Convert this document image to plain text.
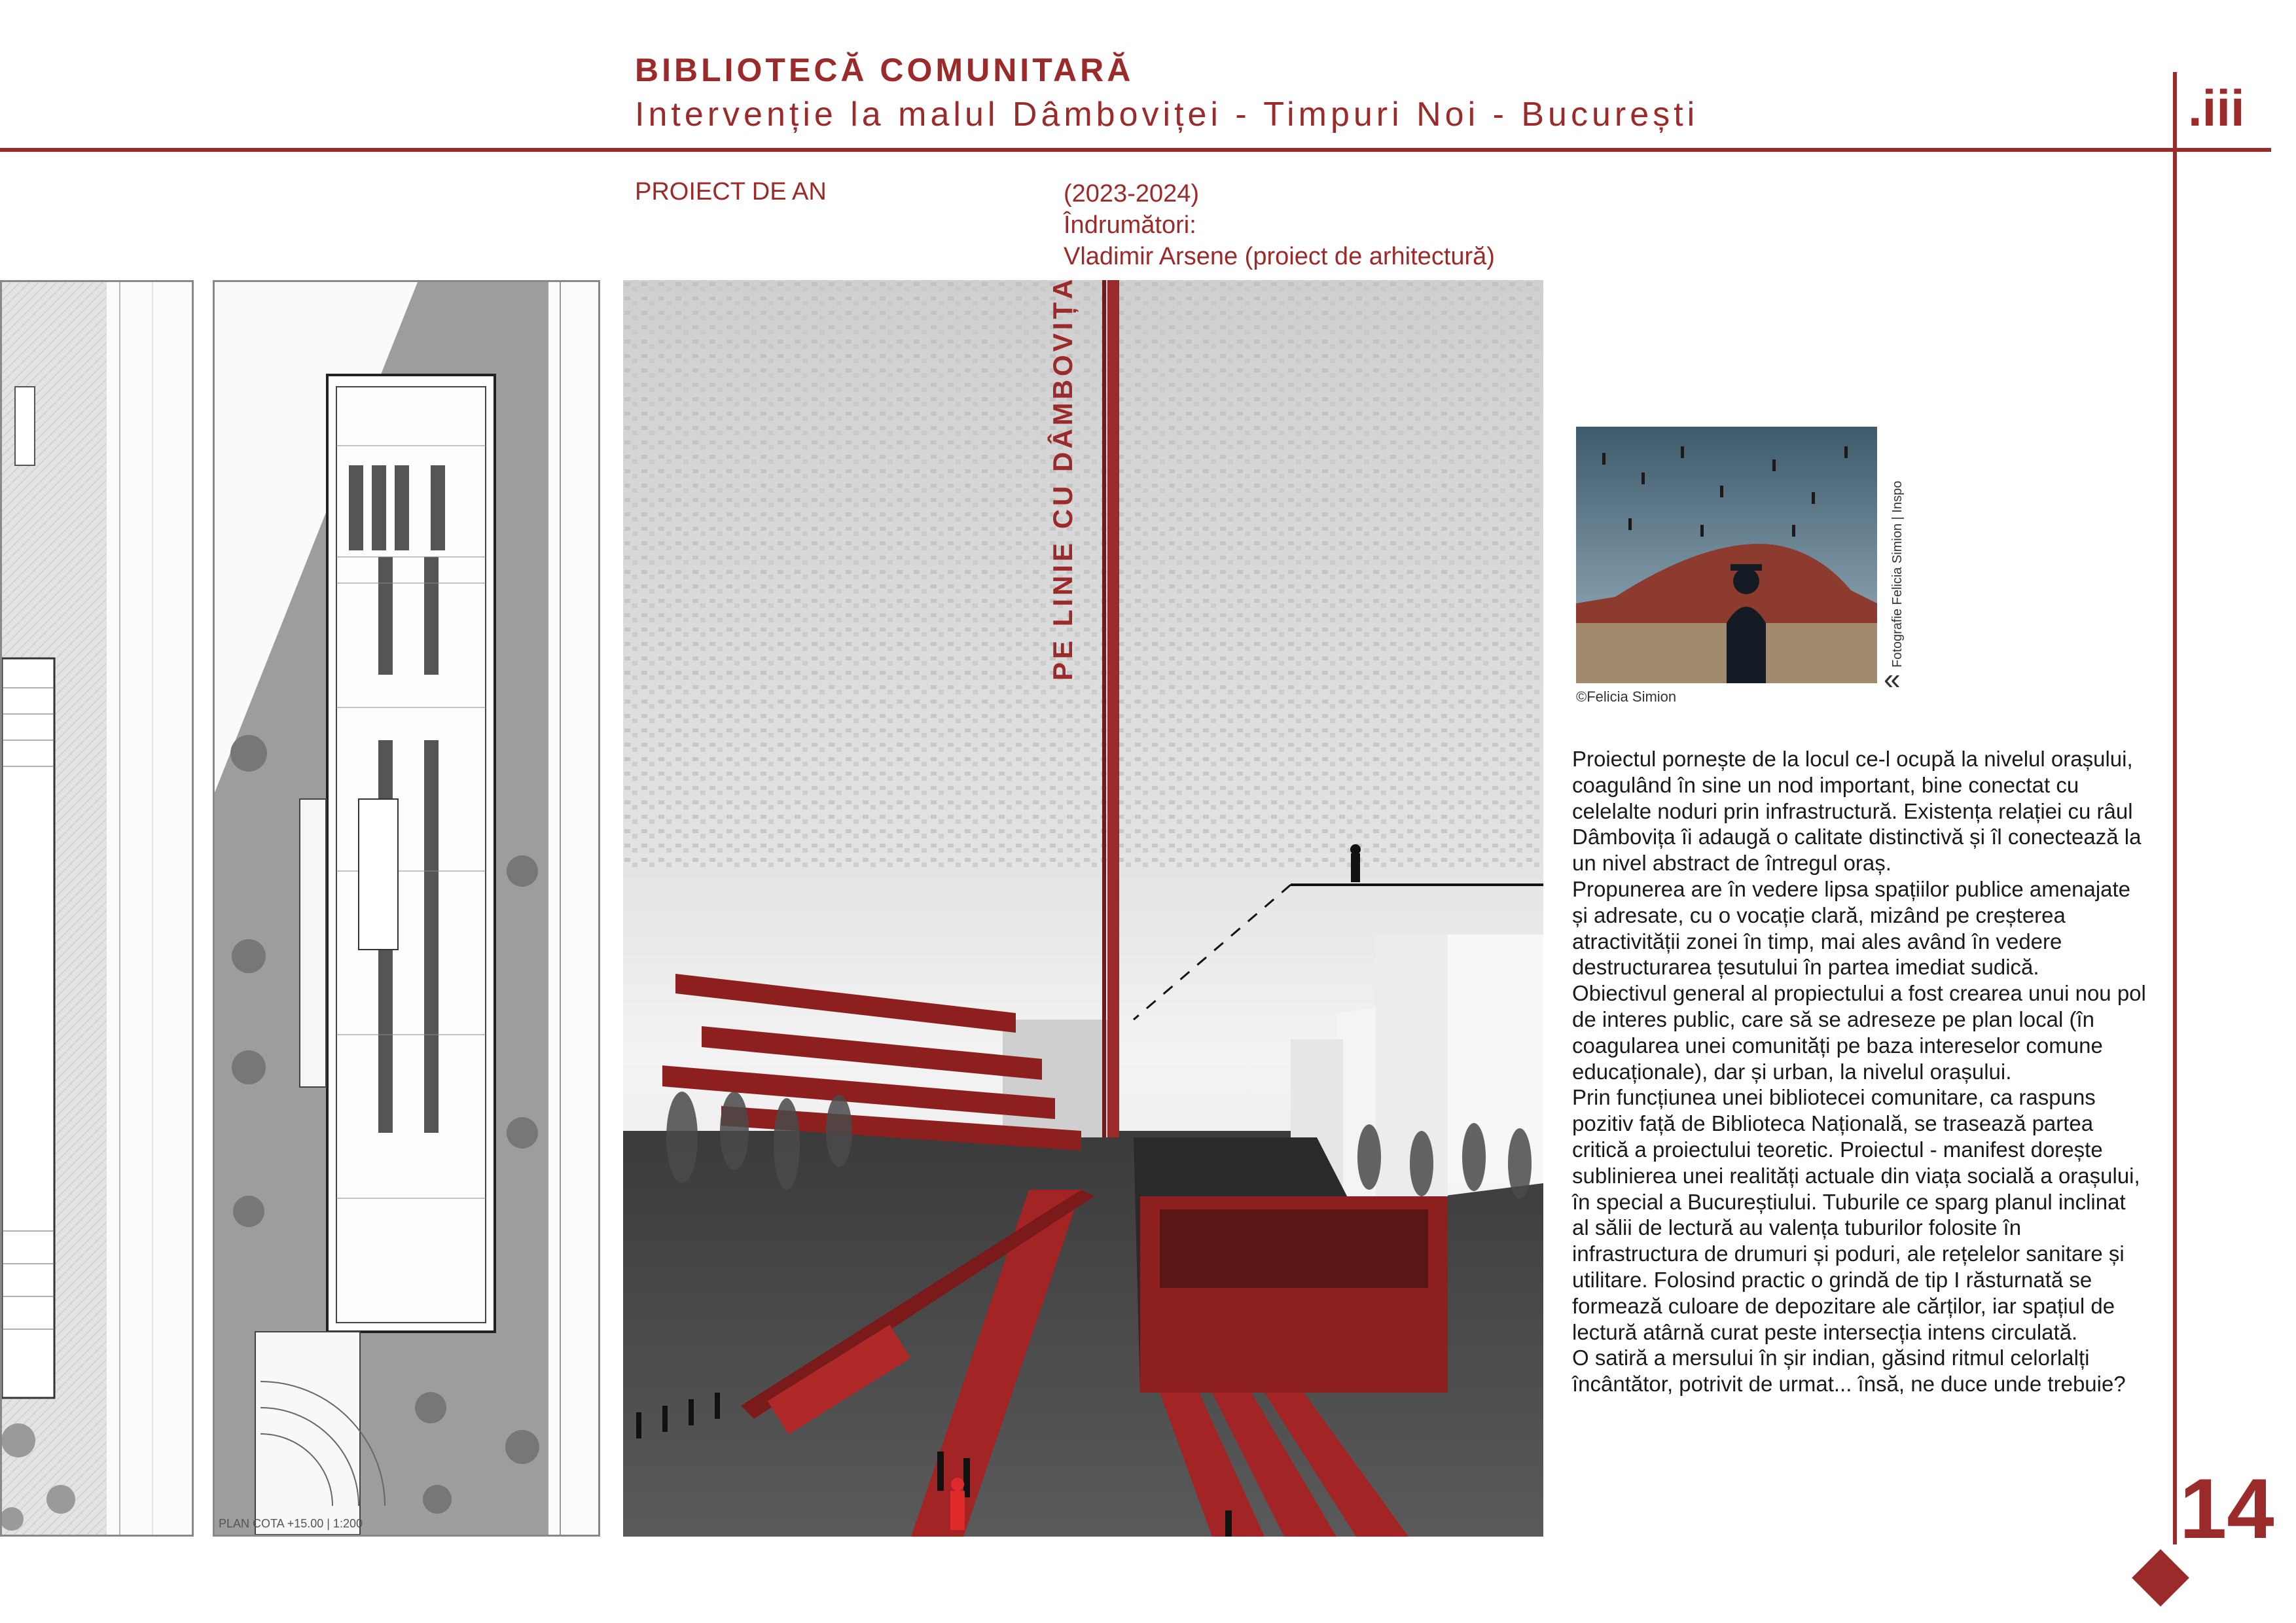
BIBLIOTECĂ COMUNITARĂ
Intervenție la malul Dâmboviței - Timpuri Noi - București	.iii
PROIECT DE AN	(2023-2024)
Îndrumători:
Vladimir Arsene (proiect de arhitectură)
PLAN COTA +15.00 | 1:200
PE LINIE CU DÂMBOVIȚA
©Felicia Simion
Fotografie Felicia Simion | Inspo
«

Proiectul pornește de la locul ce-l ocupă la nivelul orașului, coagulând în sine un nod important, bine conectat cu celelalte noduri prin infrastructură. Existența relației cu râul Dâmbovița îi adaugă o calitate distinctivă și îl conectează la un nivel abstract de întregul oraș.

Propunerea are în vedere lipsa spațiilor publice amenajate și adresate, cu o vocație clară, mizând pe creșterea atractivității zonei în timp, mai ales având în vedere destructurarea țesutului în partea imediat sudică.

Obiectivul general al propiectului a fost crearea unui nou pol de interes public, care să se adreseze pe plan local (în coagularea unei comunități pe baza intereselor comune educaționale), dar și urban, la nivelul orașului.

Prin funcțiunea unei bibliotecei comunitare, ca raspuns pozitiv față de Biblioteca Națională, se trasează partea critică a proiectului teoretic. Proiectul - manifest dorește sublinierea unei realități actuale din viața socială a orașului, în special a Bucureștiului. Tuburile ce sparg planul inclinat al sălii de lectură au valența tuburilor folosite în infrastructura de drumuri și poduri, ale rețelelor sanitare și utilitare. Folosind practic o grindă de tip I răsturnată se formează culoare de depozitare ale cărților, iar spațiul de lectură atârnă curat peste intersecția intens circulată.

O satiră a mersului în șir indian, găsind ritmul celorlalți încântător, potrivit de urmat... însă, ne duce unde trebuie?

14
